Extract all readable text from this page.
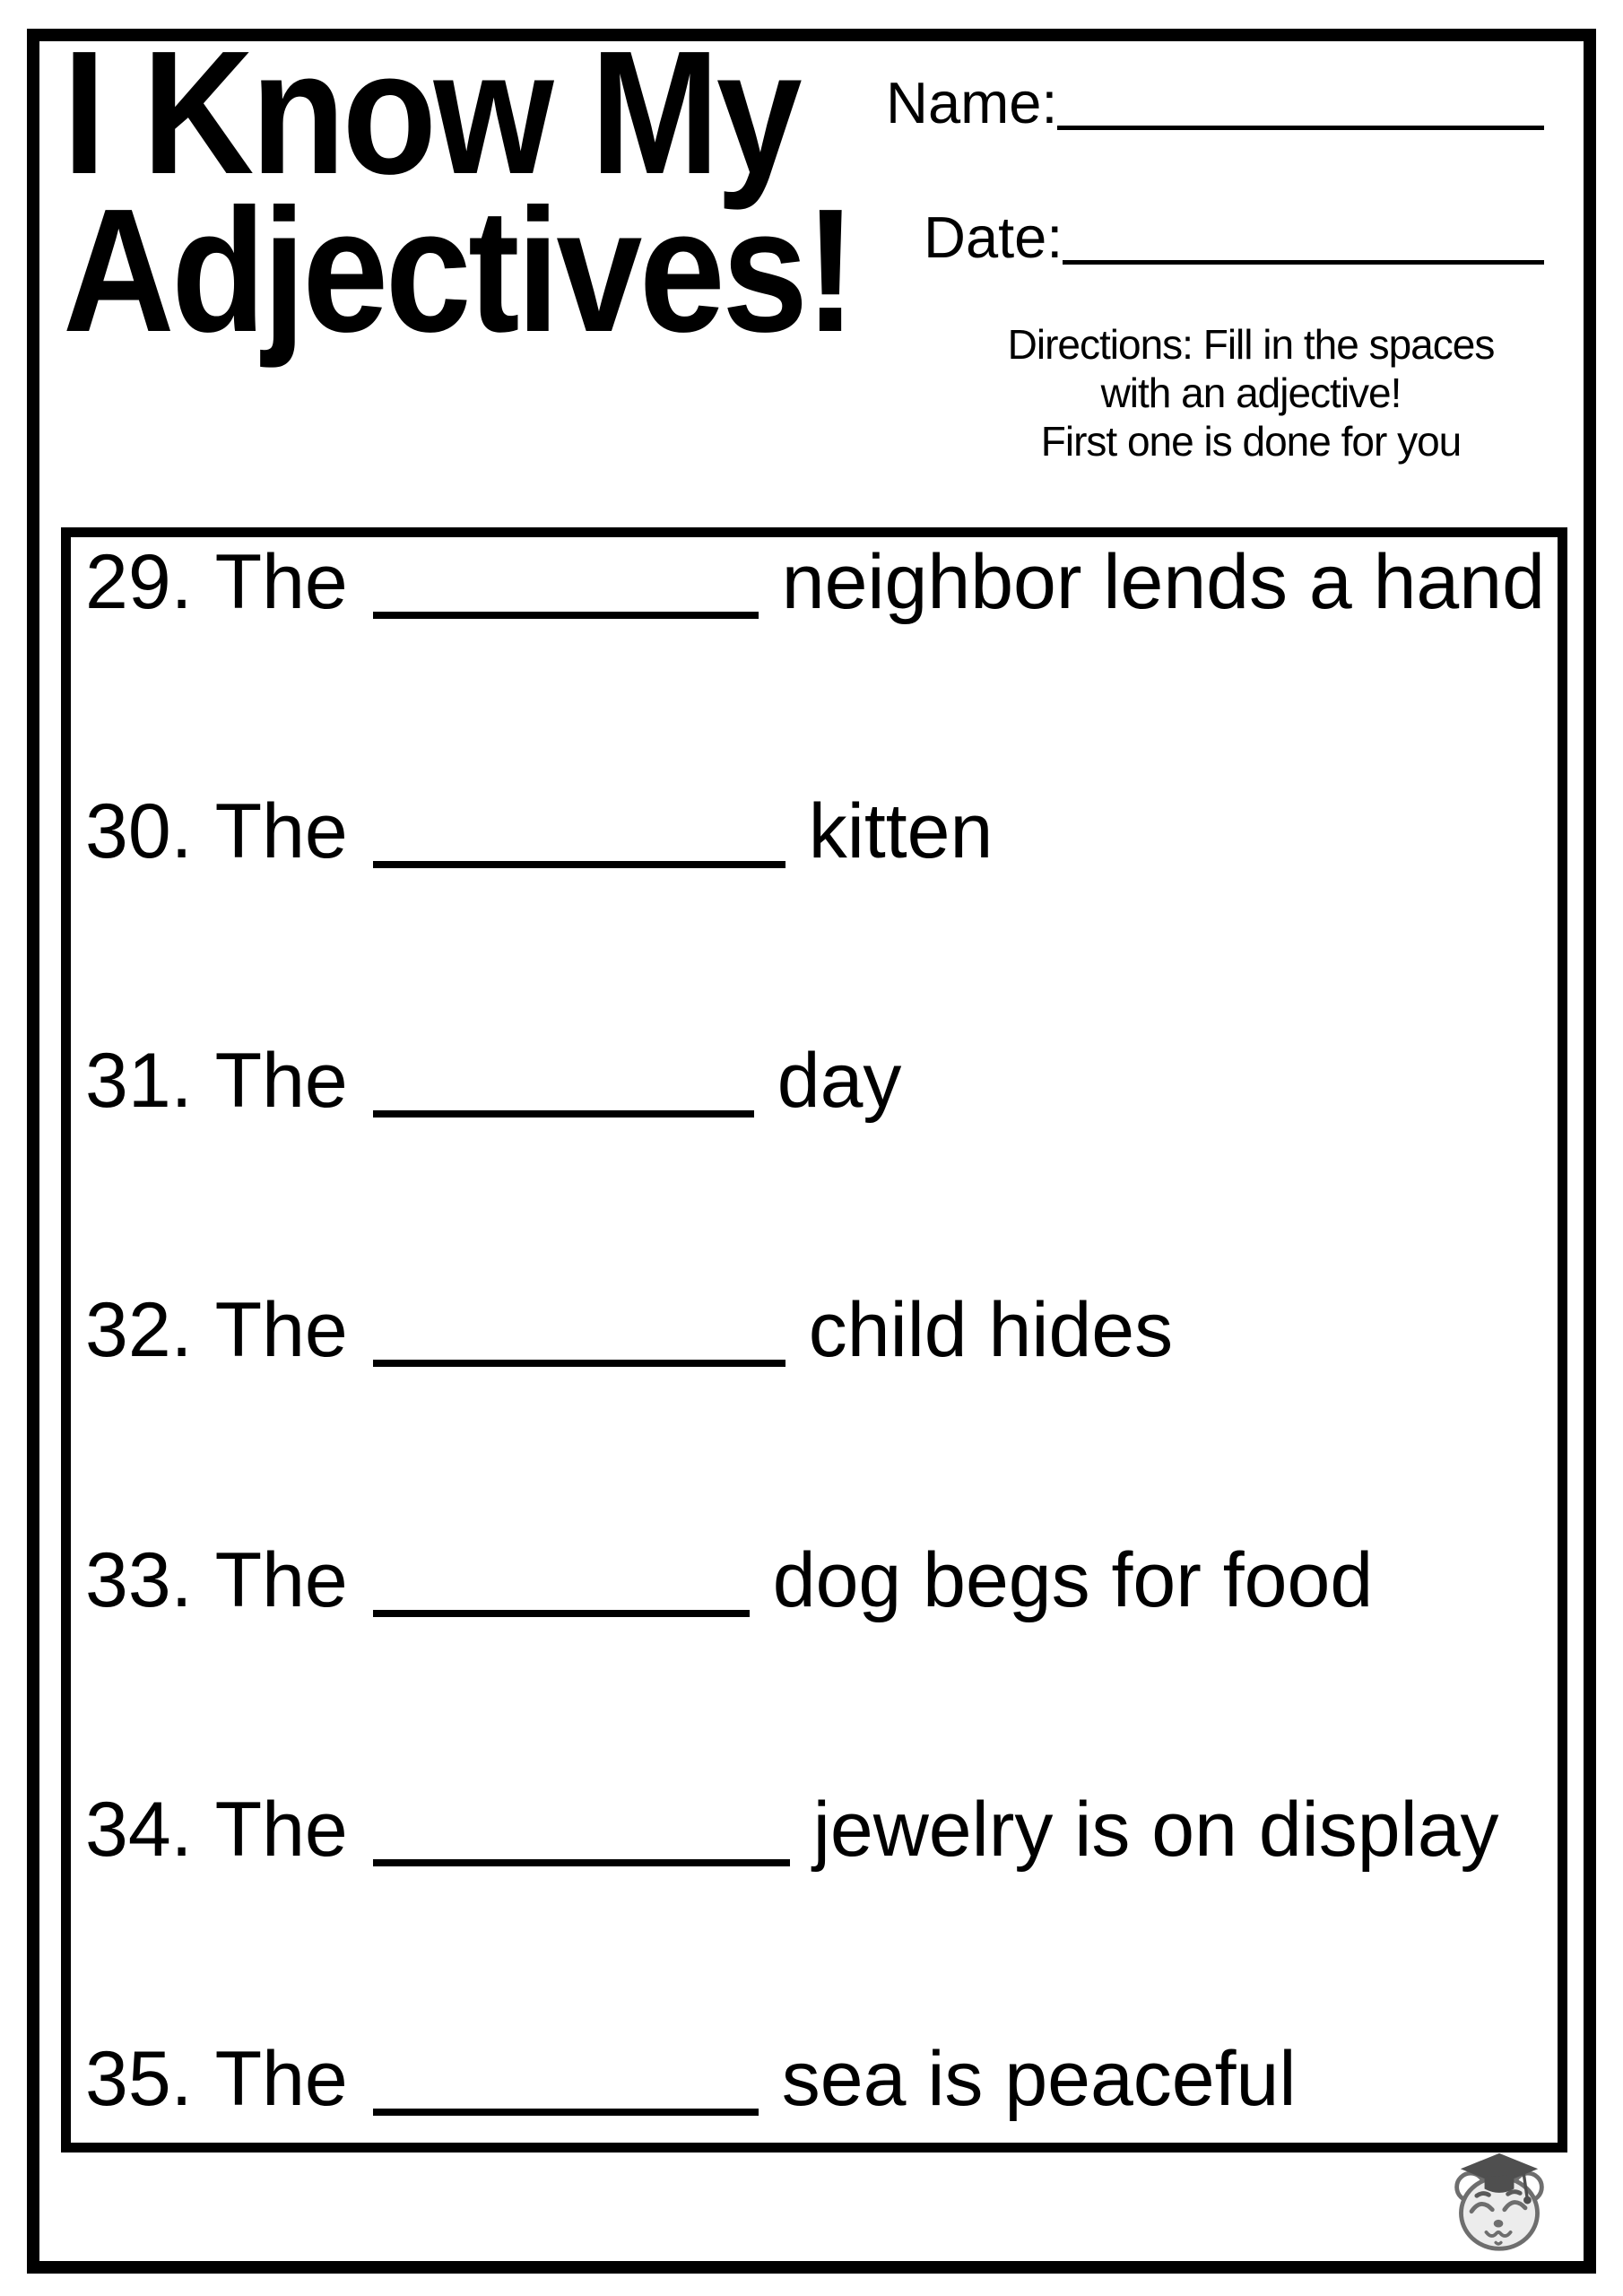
I Know My
Adjectives!
Name:
Date:
Directions: Fill in the spaces
with an adjective!
First one is done for you
29. The	neighbor lends a hand
30. The	kitten
31. The	day
32. The	child hides
33. The	dog begs for food
34. The	jewelry is on display
35. The	sea is peaceful
